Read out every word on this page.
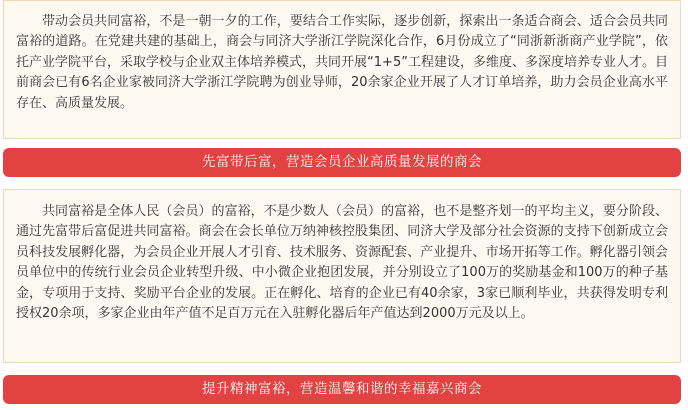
带动会员共同富裕，不是一朝一夕的工作，要结合工作实际，逐步创新，探索出一条适合商会、适合会员共同富裕的道路。在党建共建的基础上，商会与同济大学浙江学院深化合作，6月份成立了“同浙新浙商产业学院”，依托产业学院平台，采取学校与企业双主体培养模式，共同开展“1+5”工程建设，多维度、多深度培养专业人才。目前商会已有6名企业家被同济大学浙江学院聘为创业导师，20余家企业开展了人才订单培养，助力会员企业高水平存在、高质量发展。

先富带后富，营造会员企业高质量发展的商会

共同富裕是全体人民（会员）的富裕，不是少数人（会员）的富裕，也不是整齐划一的平均主义，要分阶段、通过先富带后富促进共同富裕。商会在会长单位万纳神核控股集团、同济大学及部分社会资源的支持下创新成立会员科技发展孵化器，为会员企业开展人才引育、技术服务、资源配套、产业提升、市场开拓等工作。孵化器引领会员单位中的传统行业会员企业转型升级、中小微企业抱团发展，并分别设立了100万的奖励基金和100万的种子基金，专项用于支持、奖励平台企业的发展。正在孵化、培育的企业已有40余家，3家已顺利毕业，共获得发明专利授权20余项，多家企业由年产值不足百万元在入驻孵化器后年产值达到2000万元及以上。

提升精神富裕，营造温馨和谐的幸福嘉兴商会
